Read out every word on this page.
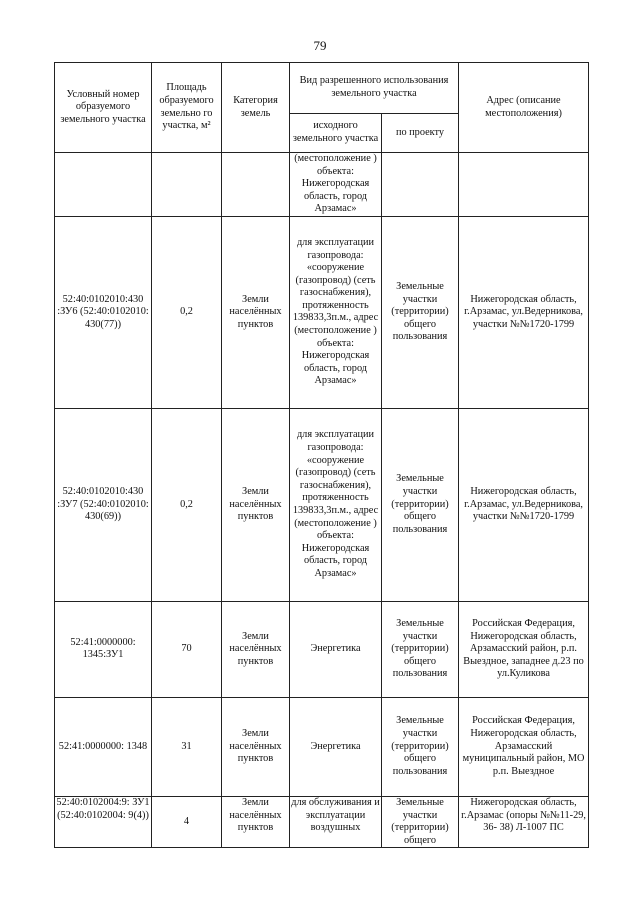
79
Условный номер образуемого земельного участка	Площадь образуемого земельно го участка, м²	Категория земель	Вид разрешенного использования земельного участка		Адрес (описание местоположения)
			исходного земельного участка	по проекту	
			(местоположение ) объекта: Нижегородская область, город Арзамас»		
52:40:0102010:430 :ЗУ6 (52:40:0102010: 430(77))	0,2	Земли населённых пунктов	для эксплуатации газопровода: «сооружение (газопровод) (сеть газоснабжения), протяженность 139833,3п.м., адрес (местоположение ) объекта: Нижегородская область, город Арзамас»	Земельные участки (территории) общего пользования	Нижегородская область, г.Арзамас, ул.Ведерникова, участки №№1720-1799
52:40:0102010:430 :ЗУ7 (52:40:0102010: 430(69))	0,2	Земли населённых пунктов	для эксплуатации газопровода: «сооружение (газопровод) (сеть газоснабжения), протяженность 139833,3п.м., адрес (местоположение ) объекта: Нижегородская область, город Арзамас»	Земельные участки (территории) общего пользования	Нижегородская область, г.Арзамас, ул.Ведерникова, участки №№1720-1799
52:41:0000000: 1345:ЗУ1	70	Земли населённых пунктов	Энергетика	Земельные участки (территории) общего пользования	Российская Федерация, Нижегородская область, Арзамасский район, р.п. Выездное, западнее д.23 по ул.Куликова
52:41:0000000: 1348	31	Земли населённых пунктов	Энергетика	Земельные участки (территории) общего пользования	Российская Федерация, Нижегородская область, Арзамасский муниципальный район, МО р.п. Выездное
52:40:0102004:9: ЗУ1 (52:40:0102004: 9(4))	4	Земли населённых пунктов	для обслуживания и эксплуатации воздушных	Земельные участки (территории) общего	Нижегородская область, г.Арзамас (опоры №№11-29, 36- 38) Л-1007 ПС
